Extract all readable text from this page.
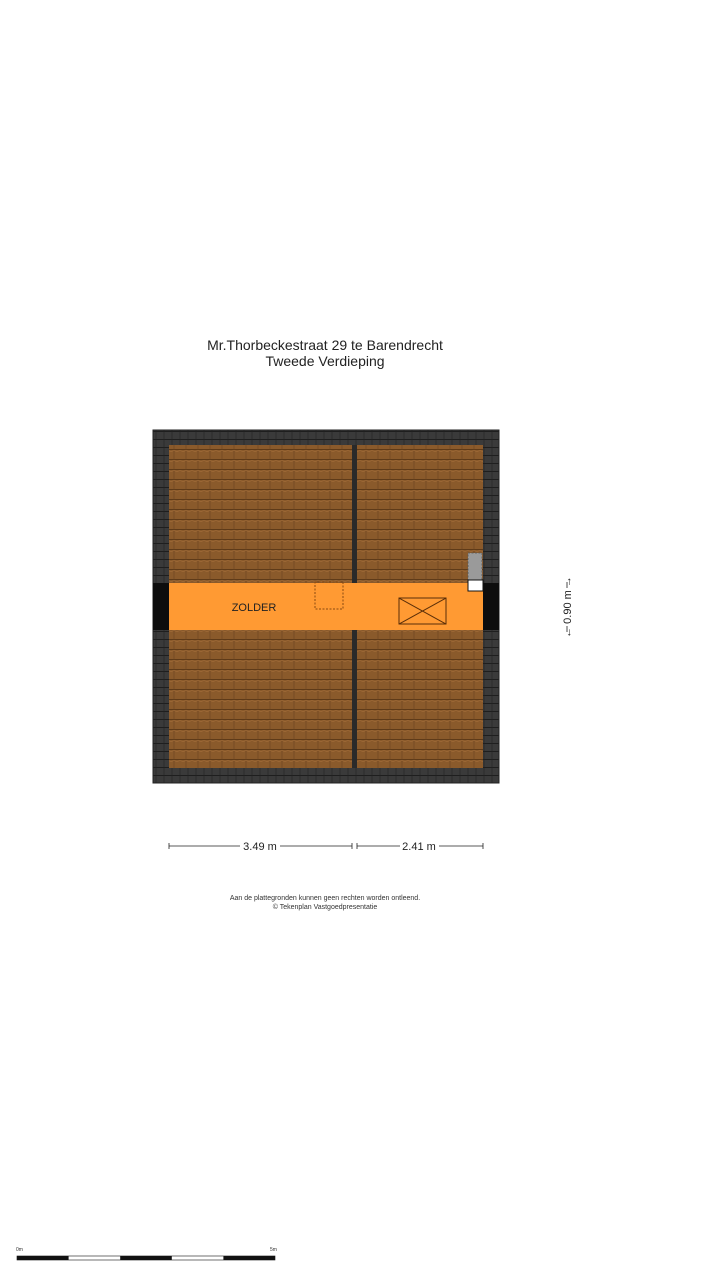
Mr.Thorbeckestraat 29 te Barendrecht
Tweede Verdieping
ZOLDER
3.49 m	2.41 m
← 0.90 m →
Aan de plattegronden kunnen geen rechten worden ontleend.
© Tekenplan Vastgoedpresentatie
0m	5m
